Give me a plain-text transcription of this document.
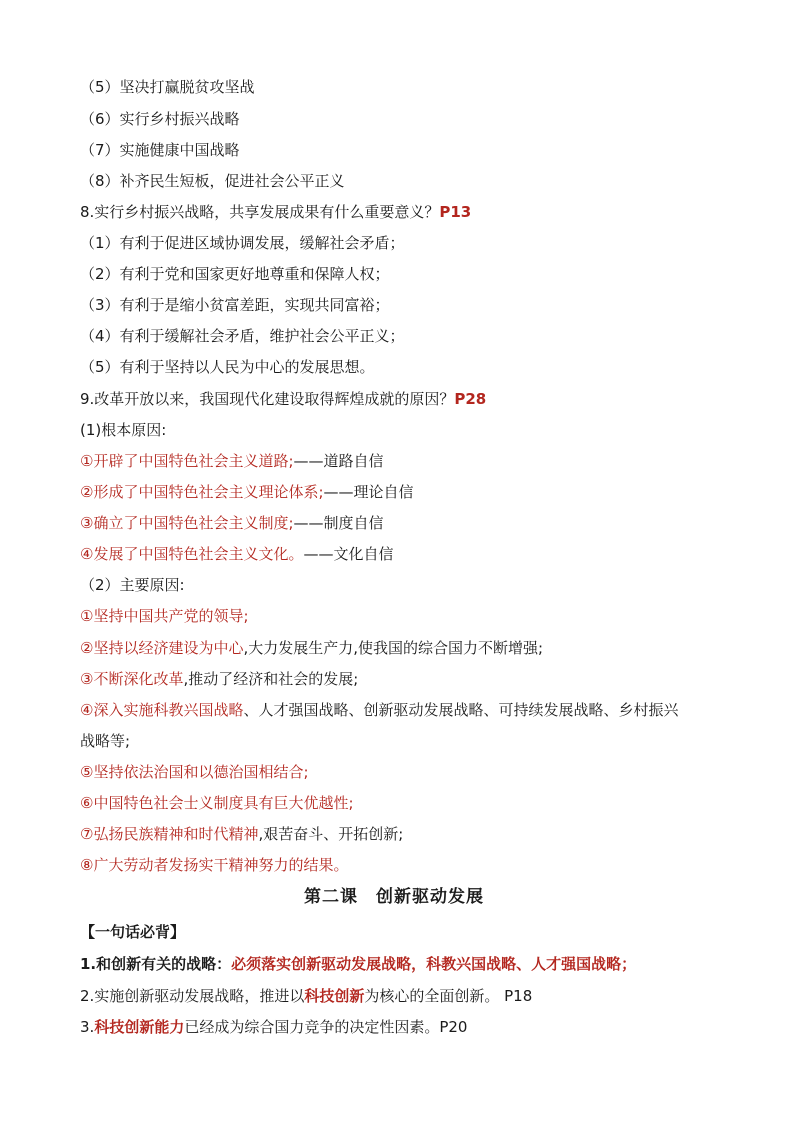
（5）坚决打赢脱贫攻坚战
（6）实行乡村振兴战略
（7）实施健康中国战略
（8）补齐民生短板，促进社会公平正义
8.实行乡村振兴战略，共享发展成果有什么重要意义？P13
（1）有利于促进区域协调发展，缓解社会矛盾；
（2）有利于党和国家更好地尊重和保障人权；
（3）有利于是缩小贫富差距，实现共同富裕；
（4）有利于缓解社会矛盾，维护社会公平正义；
（5）有利于坚持以人民为中心的发展思想。
9.改革开放以来，我国现代化建设取得辉煌成就的原因？P28
(1)根本原因:
①开辟了中国特色社会主义道路;——道路自信
②形成了中国特色社会主义理论体系;——理论自信
③确立了中国特色社会主义制度;——制度自信
④发展了中国特色社会主义文化。——文化自信
（2）主要原因:
①坚持中国共产党的领导;
②坚持以经济建设为中心,大力发展生产力,使我国的综合国力不断增强;
③不断深化改革,推动了经济和社会的发展;
④深入实施科教兴国战略、人才强国战略、创新驱动发展战略、可持续发展战略、乡村振兴
战略等;
⑤坚持依法治国和以德治国相结合;
⑥中国特色社会士义制度具有巨大优越性;
⑦弘扬民族精神和时代精神,艰苦奋斗、开拓创新;
⑧广大劳动者发扬实干精神努力的结果。
第二课　创新驱动发展
【一句话必背】
1.和创新有关的战略：必须落实创新驱动发展战略，科教兴国战略、人才强国战略；
2.实施创新驱动发展战略，推进以科技创新为核心的全面创新。 P18
3.科技创新能力已经成为综合国力竞争的决定性因素。P20
